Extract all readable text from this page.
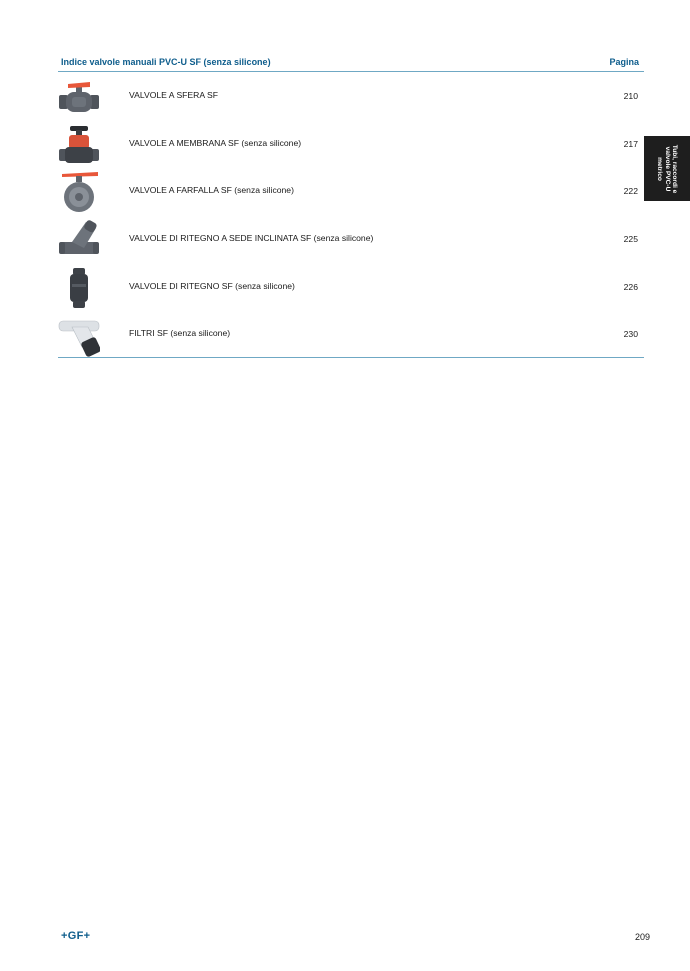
Indice valvole manuali PVC-U SF (senza silicone)	Pagina
VALVOLE A SFERA SF	210
VALVOLE A MEMBRANA SF (senza silicone)	217
VALVOLE A FARFALLA SF (senza silicone)	222
VALVOLE DI RITEGNO A SEDE INCLINATA SF (senza silicone)	225
VALVOLE DI RITEGNO SF (senza silicone)	226
FILTRI SF (senza silicone)	230
Tubi, raccordi e valvole PVC-U metrico
+GF+	209
